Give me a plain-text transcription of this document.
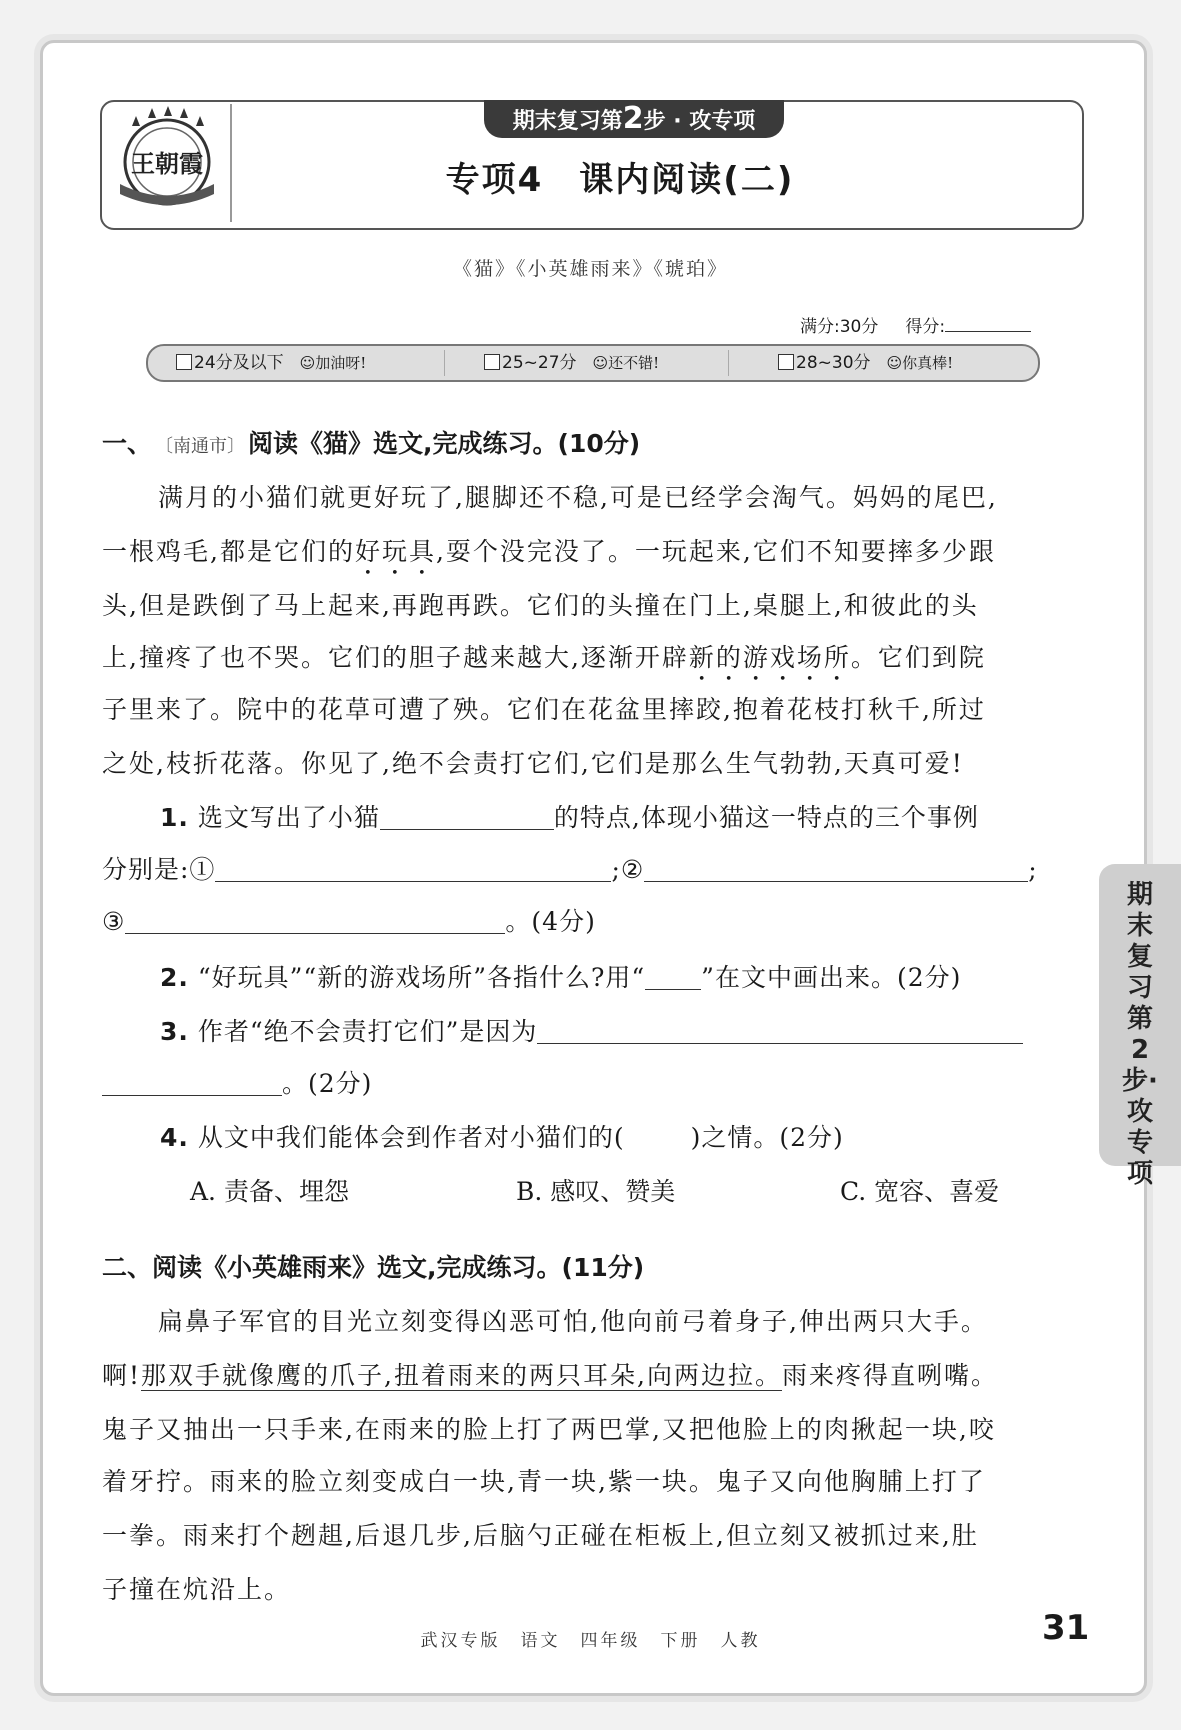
王朝霞
期末复习第2步 · 攻专项
专项4　课内阅读(二)
《猫》《小英雄雨来》《琥珀》
满分:30分 得分:
24分及以下 ☺加油呀!	25~27分 ☺还不错!	28~30分 ☺你真棒!
期末复习第2步·攻专项
一、 〔南通市〕 阅读《猫》选文,完成练习。(10分)
满月的小猫们就更好玩了,腿脚还不稳,可是已经学会淘气。妈妈的尾巴,
一根鸡毛,都是它们的好玩具,耍个没完没了。一玩起来,它们不知要摔多少跟
头,但是跌倒了马上起来,再跑再跌。它们的头撞在门上,桌腿上,和彼此的头
上,撞疼了也不哭。它们的胆子越来越大,逐渐开辟新的游戏场所。它们到院
子里来了。院中的花草可遭了殃。它们在花盆里摔跤,抱着花枝打秋千,所过
之处,枝折花落。你见了,绝不会责打它们,它们是那么生气勃勃,天真可爱!
1. 选文写出了小猫	的特点,体现小猫这一特点的三个事例
分别是:①	;②	;
③	。(4分)
2. “好玩具”“新的游戏场所”各指什么?用“ ”在文中画出来。(2分)
3. 作者“绝不会责打它们”是因为
。(2分)
4. 从文中我们能体会到作者对小猫们的(	)之情。(2分)
A. 责备、埋怨	B. 感叹、赞美	C. 宽容、喜爱
二、阅读《小英雄雨来》选文,完成练习。(11分)
扁鼻子军官的目光立刻变得凶恶可怕,他向前弓着身子,伸出两只大手。
啊!那双手就像鹰的爪子,扭着雨来的两只耳朵,向两边拉。雨来疼得直咧嘴。
鬼子又抽出一只手来,在雨来的脸上打了两巴掌,又把他脸上的肉揪起一块,咬
着牙拧。雨来的脸立刻变成白一块,青一块,紫一块。鬼子又向他胸脯上打了
一拳。雨来打个趔趄,后退几步,后脑勺正碰在柜板上,但立刻又被抓过来,肚
子撞在炕沿上。
武汉专版　语文　四年级　下册　人教	31
